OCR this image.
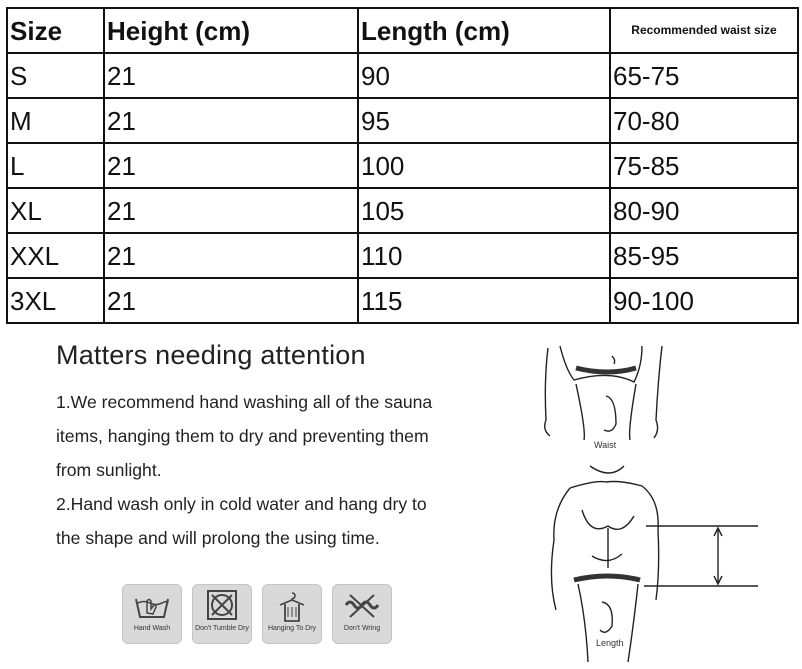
Size	Height (cm)	Length (cm)	Recommended waist size
S	21	90	65-75
M	21	95	70-80
L	21	100	75-85
XL	21	105	80-90
XXL	21	110	85-95
3XL	21	115	90-100
Matters needing attention

1.We recommend hand washing all of the sauna

items, hanging them to dry and preventing them

from sunlight.

2.Hand wash only in cold water and hang dry to

the shape and will prolong the using time.

Hand Wash	Don't Tumble Dry	Hanging To Dry	Don't Wring
Waist
Length
